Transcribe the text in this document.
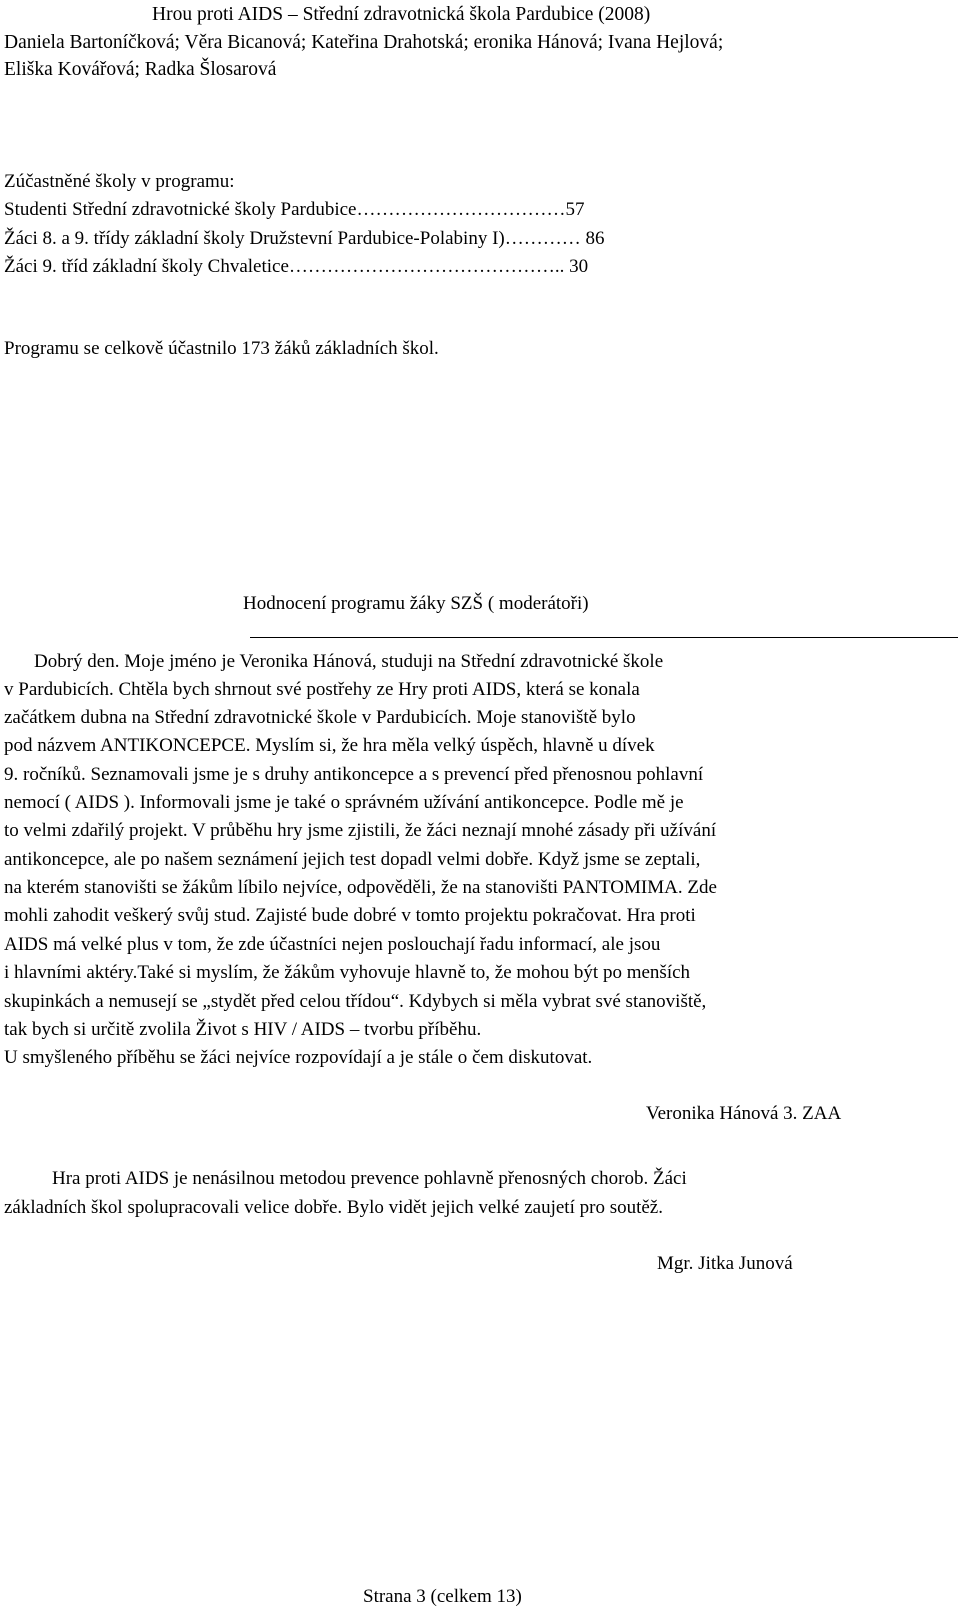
Hrou proti AIDS – Střední zdravotnická škola Pardubice (2008)
Daniela Bartoníčková; Věra Bicanová; Kateřina Drahotská; eronika Hánová; Ivana Hejlová;
Eliška Kovářová; Radka Šlosarová
Zúčastněné školy v programu:
Studenti Střední zdravotnické školy Pardubice……………………………57
Žáci 8. a 9. třídy základní školy Družstevní Pardubice-Polabiny I)………… 86
Žáci 9. tříd základní školy Chvaletice…………………………………….. 30
Programu se celkově účastnilo 173 žáků základních škol.
Hodnocení programu žáky SZŠ ( moderátoři)
Dobrý den. Moje jméno je Veronika Hánová, studuji na Střední zdravotnické škole
v Pardubicích. Chtěla bych shrnout své postřehy ze Hry proti AIDS, která se konala
začátkem dubna na Střední zdravotnické škole v Pardubicích. Moje stanoviště bylo
pod názvem ANTIKONCEPCE. Myslím si, že hra měla velký úspěch, hlavně u dívek
9. ročníků. Seznamovali jsme je s druhy antikoncepce a s prevencí před přenosnou pohlavní
nemocí ( AIDS ). Informovali jsme je také o správném užívání antikoncepce. Podle mě je
to velmi zdařilý projekt. V průběhu hry jsme zjistili, že žáci neznají mnohé zásady při užívání
antikoncepce, ale po našem seznámení jejich test dopadl velmi dobře. Když jsme se zeptali,
na kterém stanovišti se žákům líbilo nejvíce, odpověděli, že na stanovišti PANTOMIMA. Zde
mohli zahodit veškerý svůj stud. Zajisté bude dobré v tomto projektu pokračovat. Hra proti
AIDS má velké plus v tom, že zde účastníci nejen poslouchají řadu informací, ale jsou
i hlavními aktéry.Také si myslím, že žákům vyhovuje hlavně to, že mohou být po menších
skupinkách a nemusejí se „stydět před celou třídou“. Kdybych si měla vybrat své stanoviště,
tak bych si určitě zvolila Život s HIV / AIDS – tvorbu příběhu.
U smyšleného příběhu se žáci nejvíce rozpovídají a je stále o čem diskutovat.
Veronika Hánová 3. ZAA
Hra proti AIDS je nenásilnou metodou prevence pohlavně přenosných chorob. Žáci
základních škol spolupracovali velice dobře. Bylo vidět jejich velké zaujetí pro soutěž.
Mgr. Jitka Junová
Strana 3 (celkem 13)
